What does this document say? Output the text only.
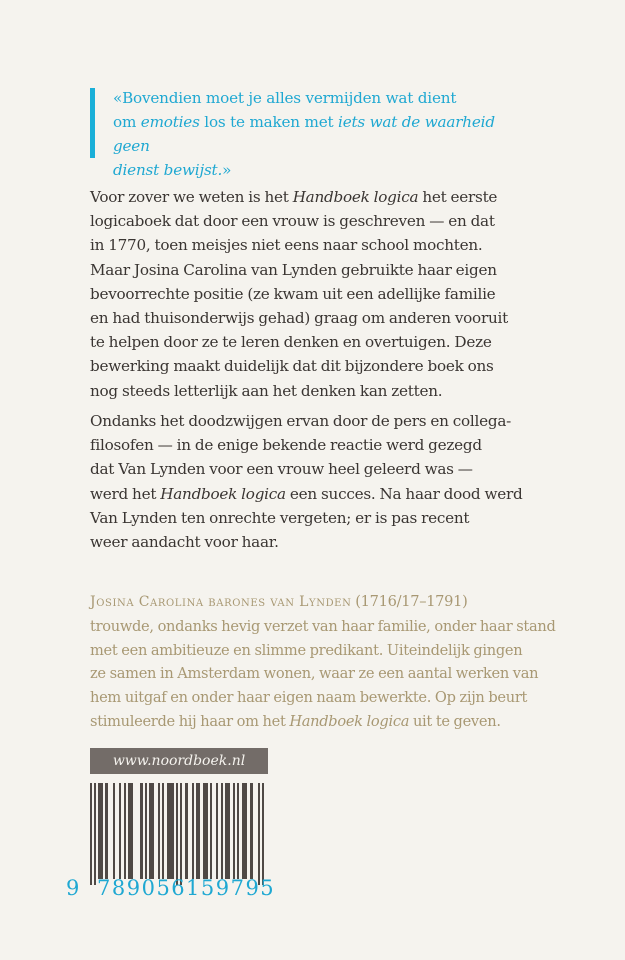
«Bovendien moet je alles vermijden wat dient
om emoties los te maken met iets wat de waarheid geen
dienst bewijst.»
Voor zover we weten is het Handboek logica het eerste
logicaboek dat door een vrouw is geschreven — en dat
in 1770, toen meisjes niet eens naar school mochten.
Maar Josina Carolina van Lynden gebruikte haar eigen
bevoorrechte positie (ze kwam uit een adellijke familie
en had thuisonderwijs gehad) graag om anderen vooruit
te helpen door ze te leren denken en overtuigen. Deze
bewerking maakt duidelijk dat dit bijzondere boek ons
nog steeds letterlijk aan het denken kan zetten.
Ondanks het doodzwijgen ervan door de pers en collega-
filosofen — in de enige bekende reactie werd gezegd
dat Van Lynden voor een vrouw heel geleerd was —
werd het Handboek logica een succes. Na haar dood werd
Van Lynden ten onrechte vergeten; er is pas recent
weer aandacht voor haar.
Josina Carolina barones van Lynden (1716/17–1791)
trouwde, ondanks hevig verzet van haar familie, onder haar stand
met een ambitieuze en slimme predikant. Uiteindelijk gingen
ze samen in Amsterdam wonen, waar ze een aantal werken van
hem uitgaf en onder haar eigen naam bewerkte. Op zijn beurt
stimuleerde hij haar om het Handboek logica uit te geven.
www.noordboek.nl
9 789056 159795
